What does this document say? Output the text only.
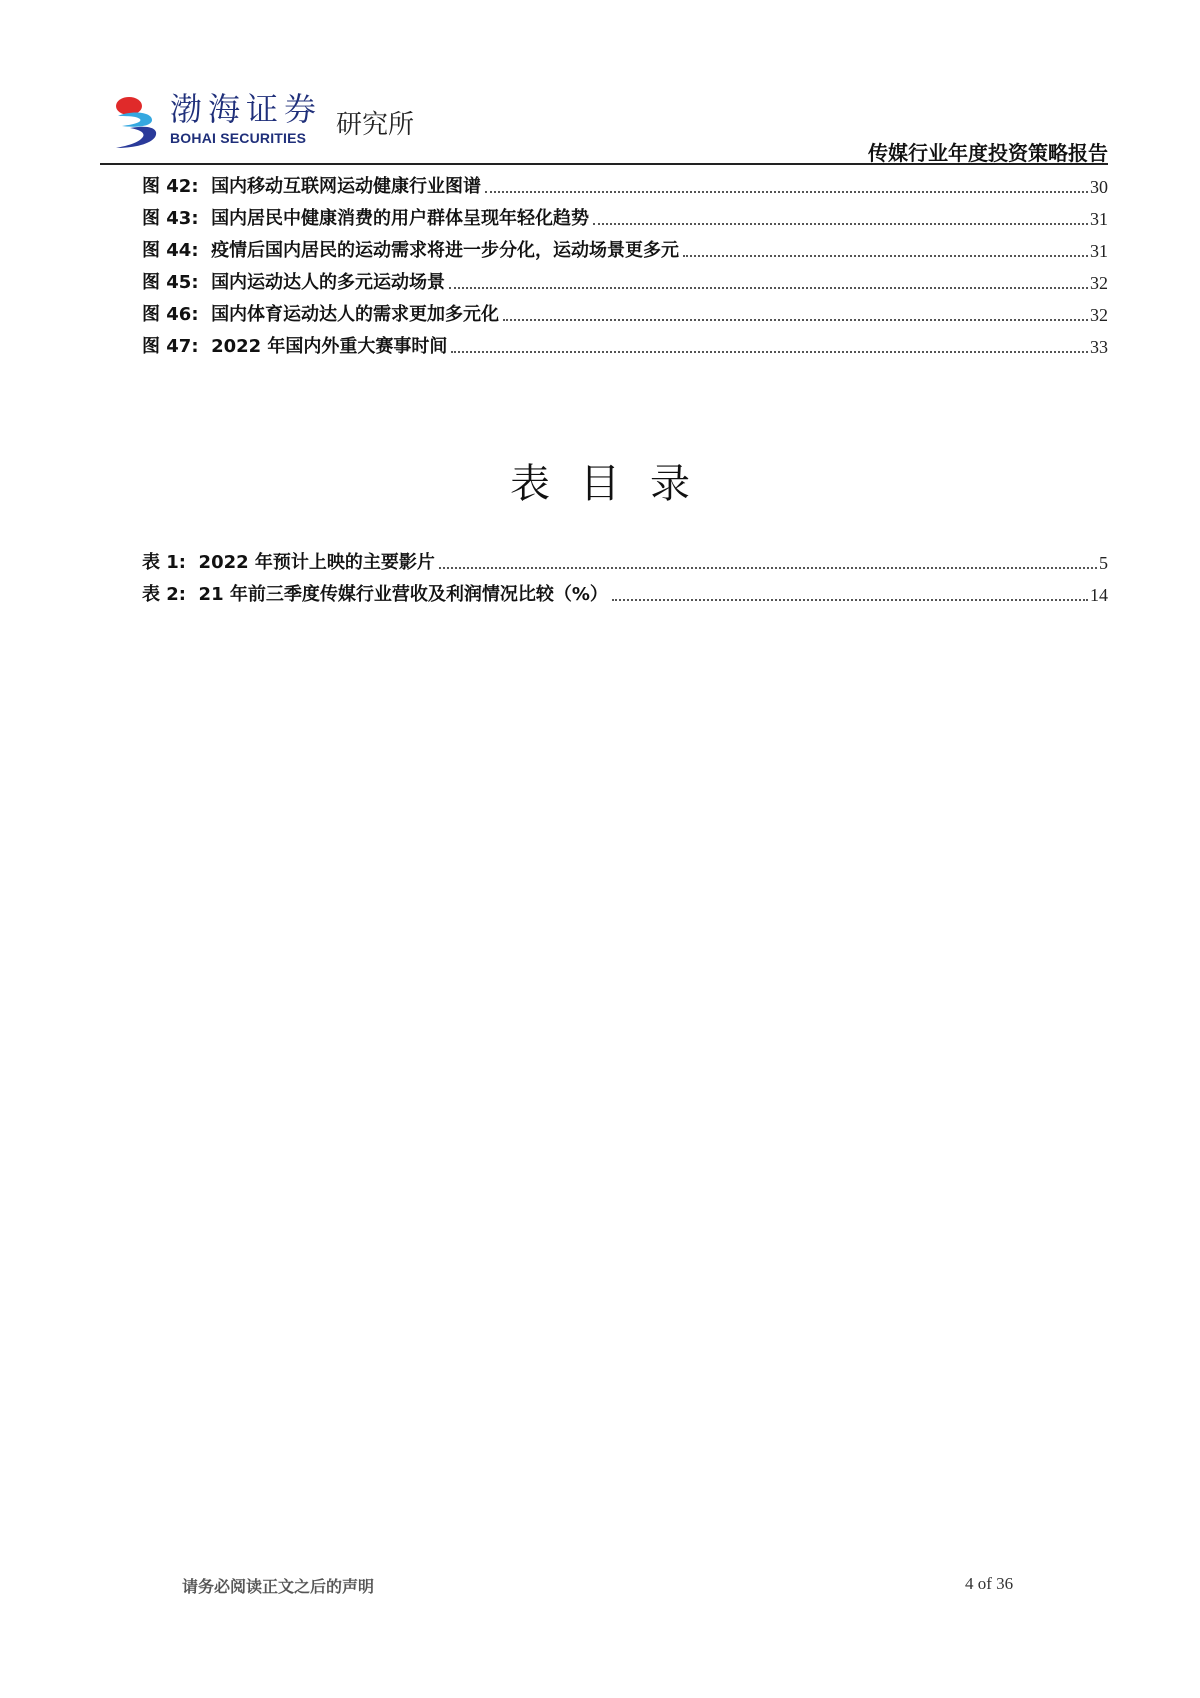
渤海证券
BOHAI SECURITIES 研究所
传媒行业年度投资策略报告
图 42: 国内移动互联网运动健康行业图谱	30
图 43: 国内居民中健康消费的用户群体呈现年轻化趋势	31
图 44: 疫情后国内居民的运动需求将进一步分化，运动场景更多元	31
图 45: 国内运动达人的多元运动场景	32
图 46: 国内体育运动达人的需求更加多元化	32
图 47: 2022 年国内外重大赛事时间	33
表目录
表 1: 2022 年预计上映的主要影片	5
表 2: 21 年前三季度传媒行业营收及利润情况比较（%）	14
请务必阅读正文之后的声明	4 of 36
